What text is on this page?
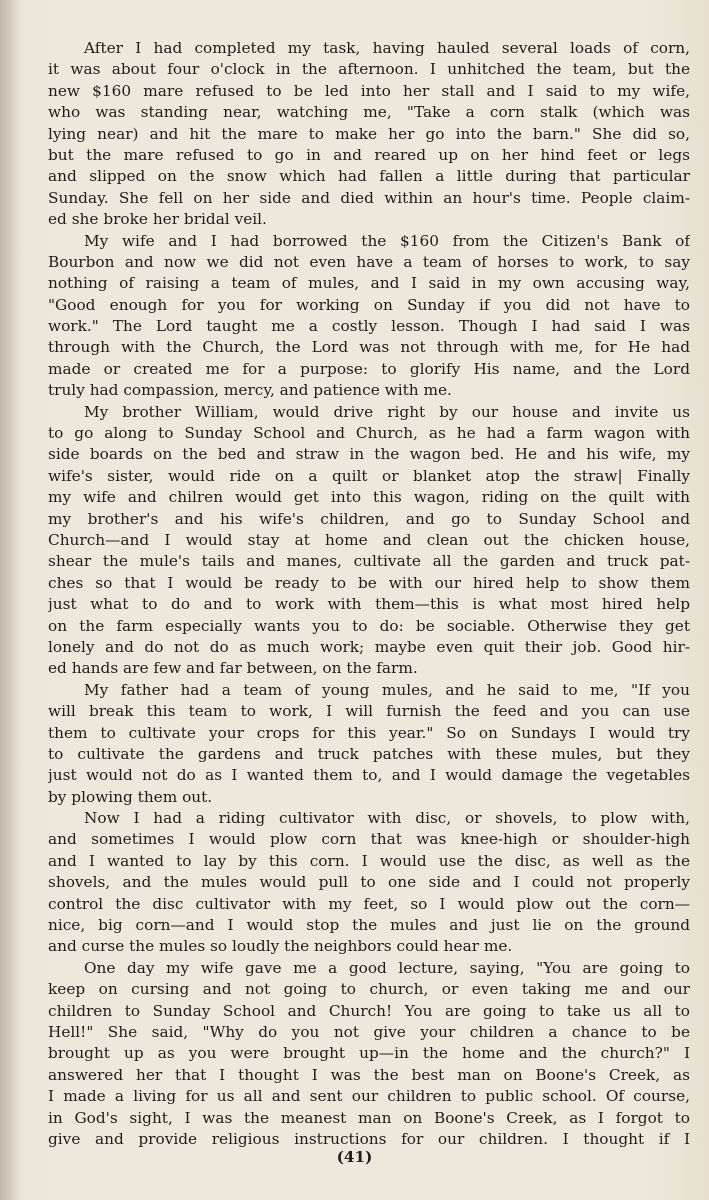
After I had completed my task, having hauled several loads of corn,
it was about four o'clock in the afternoon. I unhitched the team, but the
new $160 mare refused to be led into her stall and I said to my wife,
who was standing near, watching me, "Take a corn stalk (which was
lying near) and hit the mare to make her go into the barn." She did so,
but the mare refused to go in and reared up on her hind feet or legs
and slipped on the snow which had fallen a little during that particular
Sunday. She fell on her side and died within an hour's time. People claim-
ed she broke her bridal veil.
My wife and I had borrowed the $160 from the Citizen's Bank of
Bourbon and now we did not even have a team of horses to work, to say
nothing of raising a team of mules, and I said in my own accusing way,
"Good enough for you for working on Sunday if you did not have to
work." The Lord taught me a costly lesson. Though I had said I was
through with the Church, the Lord was not through with me, for He had
made or created me for a purpose: to glorify His name, and the Lord
truly had compassion, mercy, and patience with me.
My brother William, would drive right by our house and invite us
to go along to Sunday School and Church, as he had a farm wagon with
side boards on the bed and straw in the wagon bed. He and his wife, my
wife's sister, would ride on a quilt or blanket atop the straw| Finally
my wife and chilren would get into this wagon, riding on the quilt with
my brother's and his wife's children, and go to Sunday School and
Church—and I would stay at home and clean out the chicken house,
shear the mule's tails and manes, cultivate all the garden and truck pat-
ches so that I would be ready to be with our hired help to show them
just what to do and to work with them—this is what most hired help
on the farm especially wants you to do: be sociable. Otherwise they get
lonely and do not do as much work; maybe even quit their job. Good hir-
ed hands are few and far between, on the farm.
My father had a team of young mules, and he said to me, "If you
will break this team to work, I will furnish the feed and you can use
them to cultivate your crops for this year." So on Sundays I would try
to cultivate the gardens and truck patches with these mules, but they
just would not do as I wanted them to, and I would damage the vegetables
by plowing them out.
Now I had a riding cultivator with disc, or shovels, to plow with,
and sometimes I would plow corn that was knee-high or shoulder-high
and I wanted to lay by this corn. I would use the disc, as well as the
shovels, and the mules would pull to one side and I could not properly
control the disc cultivator with my feet, so I would plow out the corn—
nice, big corn—and I would stop the mules and just lie on the ground
and curse the mules so loudly the neighbors could hear me.
One day my wife gave me a good lecture, saying, "You are going to
keep on cursing and not going to church, or even taking me and our
children to Sunday School and Church! You are going to take us all to
Hell!" She said, "Why do you not give your children a chance to be
brought up as you were brought up—in the home and the church?" I
answered her that I thought I was the best man on Boone's Creek, as
I made a living for us all and sent our children to public school. Of course,
in God's sight, I was the meanest man on Boone's Creek, as I forgot to
give and provide religious instructions for our children. I thought if I
(41)
